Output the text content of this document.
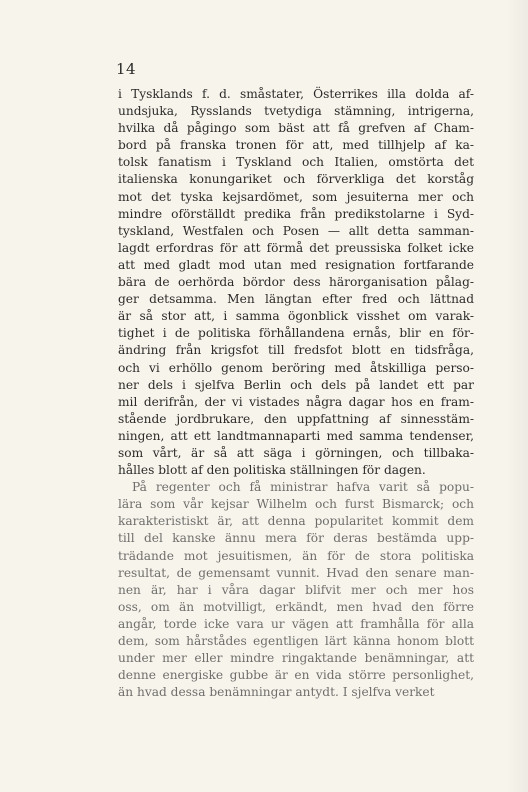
14
i Tysklands f. d. småstater, Österrikes illa dolda af-
undsjuka, Rysslands tvetydiga stämning, intrigerna,
hvilka då pågingo som bäst att få grefven af Cham-
bord på franska tronen för att, med tillhjelp af ka-
tolsk fanatism i Tyskland och Italien, omstörta det
italienska konungariket och förverkliga det korståg
mot det tyska kejsardömet, som jesuiterna mer och
mindre oförställdt predika från predikstolarne i Syd-
tyskland, Westfalen och Posen — allt detta samman-
lagdt erfordras för att förmå det preussiska folket icke
att med gladt mod utan med resignation fortfarande
bära de oerhörda bördor dess härorganisation pålag-
ger detsamma. Men längtan efter fred och lättnad
är så stor att, i samma ögonblick visshet om varak-
tighet i de politiska förhållandena ernås, blir en för-
ändring från krigsfot till fredsfot blott en tidsfråga,
och vi erhöllo genom beröring med åtskilliga perso-
ner dels i sjelfva Berlin och dels på landet ett par
mil derifrån, der vi vistades några dagar hos en fram-
stående jordbrukare, den uppfattning af sinnesstäm-
ningen, att ett landtmannaparti med samma tendenser,
som vårt, är så att säga i görningen, och tillbaka-
hålles blott af den politiska ställningen för dagen.
På regenter och få ministrar hafva varit så popu-
lära som vår kejsar Wilhelm och furst Bismarck; och
karakteristiskt är, att denna popularitet kommit dem
till del kanske ännu mera för deras bestämda upp-
trädande mot jesuitismen, än för de stora politiska
resultat, de gemensamt vunnit. Hvad den senare man-
nen är, har i våra dagar blifvit mer och mer hos
oss, om än motvilligt, erkändt, men hvad den förre
angår, torde icke vara ur vägen att framhålla för alla
dem, som hårstådes egentligen lärt känna honom blott
under mer eller mindre ringaktande benämningar, att
denne energiske gubbe är en vida större personlighet,
än hvad dessa benämningar antydt. I sjelfva verket
